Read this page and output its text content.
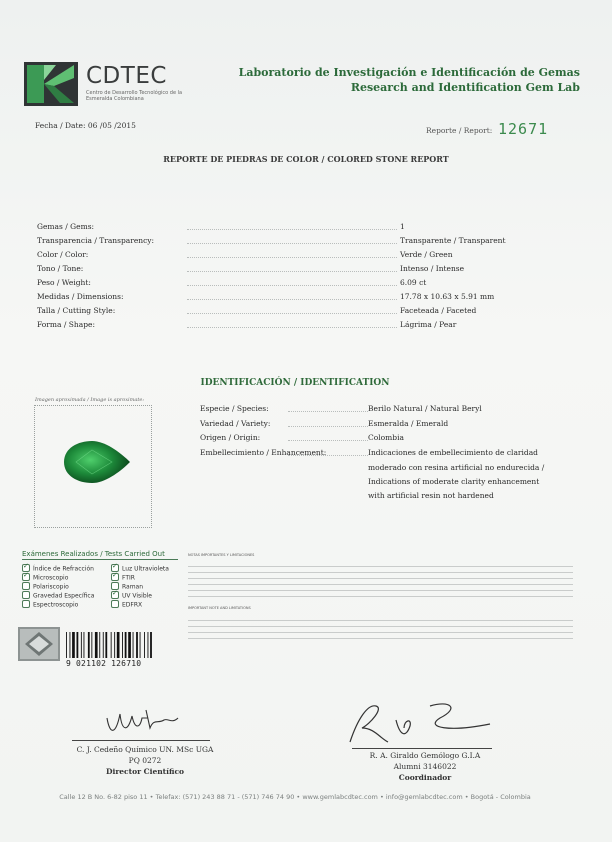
CDTEC
Centro de Desarrollo Tecnológico de la Esmeralda Colombiana
Laboratorio de Investigación e Identificación de Gemas
Research and Identification Gem Lab
Fecha / Date: 06 /05 /2015
Reporte / Report: 12671
REPORTE DE PIEDRAS DE COLOR / COLORED STONE REPORT
Gemas / Gems:	1
Transparencia / Transparency:	Transparente / Transparent
Color / Color:	Verde / Green
Tono / Tone:	Intenso / Intense
Peso / Weight:	6.09 ct
Medidas / Dimensions:	17.78 x 10.63 x 5.91 mm
Talla / Cutting Style:	Faceteada / Faceted
Forma / Shape:	Lágrima / Pear
IDENTIFICACIÓN / IDENTIFICATION
Imagen aproximada / Image is aproximate:
Especie / Species:	Berilo Natural / Natural Beryl
Variedad / Variety:	Esmeralda / Emerald
Origen / Origin:	Colombia
Embellecimiento / Enhancement:	Indicaciones de embellecimiento de claridad
moderado con resina artificial no endurecida /
Indications of moderate clarity enhancement
with artificial resin not hardened
Exámenes Realizados / Tests Carried Out
✓Índice de Refracción
✓Microscopio
Polariscopio
Gravedad Específica
Espectroscopio
✓Luz Ultravioleta
✓FTIR
Raman
✓UV Visible
EDFRX
9 021102 126710
NOTAS IMPORTANTES Y LIMITACIONES
IMPORTANT NOTE AND LIMITATIONS
C. J. Cedeño Químico UN. MSc UGA
PQ 0272
Director Científico
R. A. Giraldo Gemólogo G.I.A
Alumni 3146022
Coordinador
Calle 12 B No. 6-82 piso 11 • Telefax: (571) 243 88 71 - (571) 746 74 90 • www.gemlabcdtec.com • info@gemlabcdtec.com • Bogotá - Colombia
